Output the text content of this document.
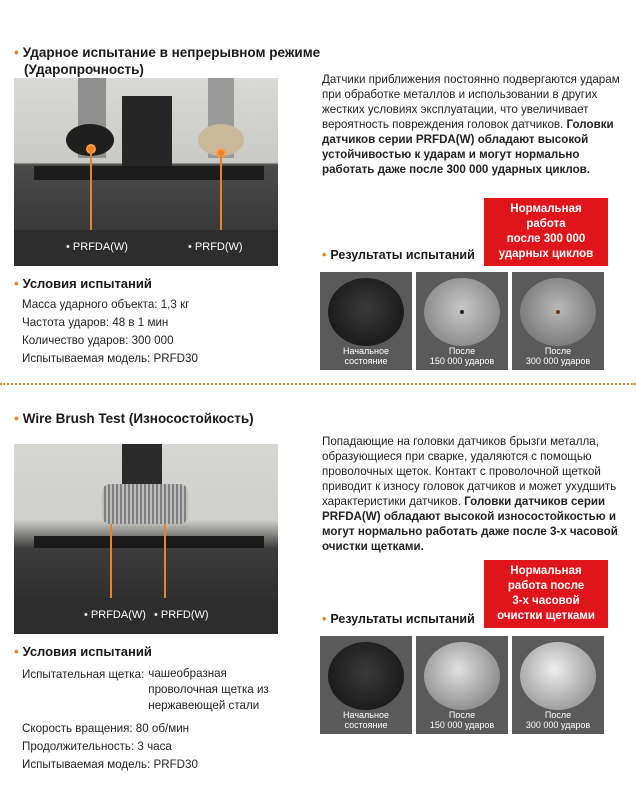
• Ударное испытание в непрерывном режиме
(Удaропрочность)
• PRFDA(W)	• PRFD(W)
Датчики приближения постоянно подвергаются ударам при обработке металлов и использовании в других жестких условиях эксплуатации, что увеличивает вероятность повреждения головок датчиков. Головки датчиков серии PRFDA(W) обладают высокой устойчивостью к ударам и могут нормально работать даже после 300 000 ударных циклов.
Нормальная
работа
после 300 000
ударных циклов
• Результаты испытаний
Начальное
состояние
После
150 000 ударов
После
300 000 ударов
• Условия испытаний
Масса ударного объекта: 1,3 кг
Частота ударов: 48 в 1 мин
Количество ударов: 300 000
Испытываемая модель: PRFD30
• Wire Brush Test (Износостойкость)
• PRFDA(W) • PRFD(W)
Попадающие на головки датчиков брызги металла, образующиеся при сварке, удаляются с помощью проволочных щеток. Контакт с проволочной щеткой приводит к износу головок датчиков и может ухудшить характеристики датчиков. Головки датчиков серии PRFDA(W) обладают высокой износостойкостью и могут нормально работать даже после 3-х часовой очистки щетками.
Нормальная
работа после
3-х часовой
очистки щетками
• Результаты испытаний
Начальное
состояние
После
150 000 ударов
После
300 000 ударов
• Условия испытаний
Испытательная щетка: чашеобразная
проволочная щетка из
нержавеющей стали
Скорость вращения: 80 об/мин
Продолжительность: 3 часа
Испытываемая модель: PRFD30
